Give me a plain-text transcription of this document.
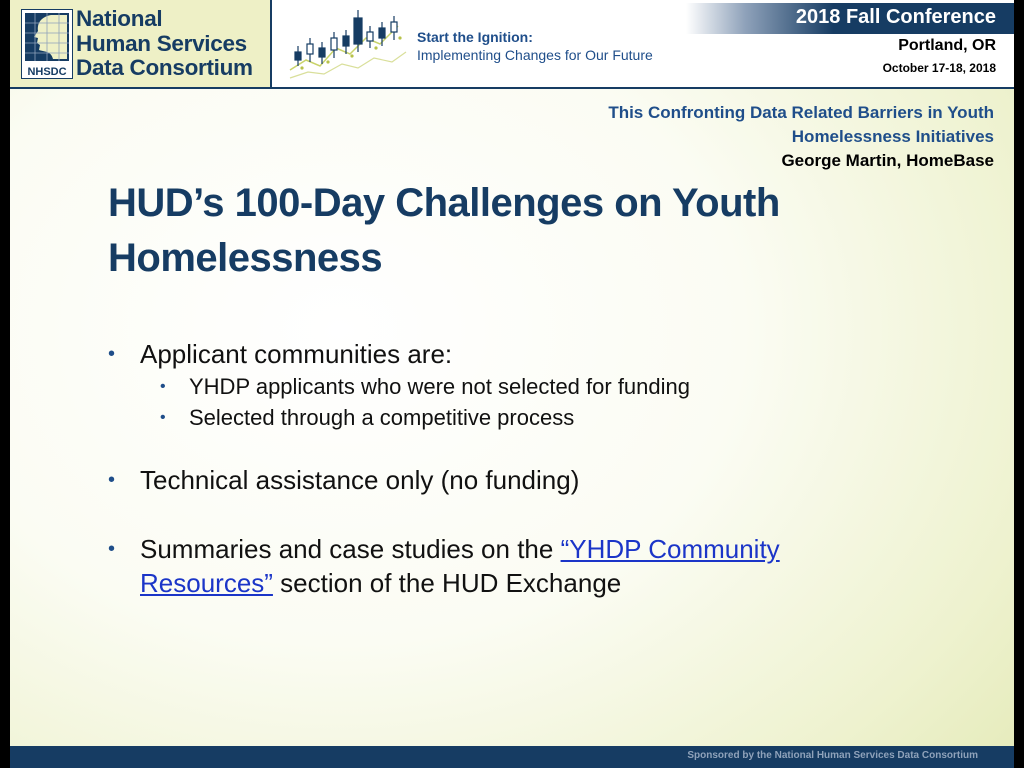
NHSDC
National
Human Services
Data Consortium
Start the Ignition:
Implementing Changes for Our Future
2018 Fall Conference
Portland, OR
October 17-18, 2018
This Confronting Data Related Barriers in Youth
Homelessness Initiatives
George Martin, HomeBase
HUD’s 100-Day Challenges on Youth
Homelessness
• Applicant communities are:
• YHDP applicants who were not selected for funding
• Selected through a competitive process
• Technical assistance only (no funding)
• Summaries and case studies on the “YHDP Community
Resources” section of the HUD Exchange
Sponsored by the National Human Services Data Consortium
